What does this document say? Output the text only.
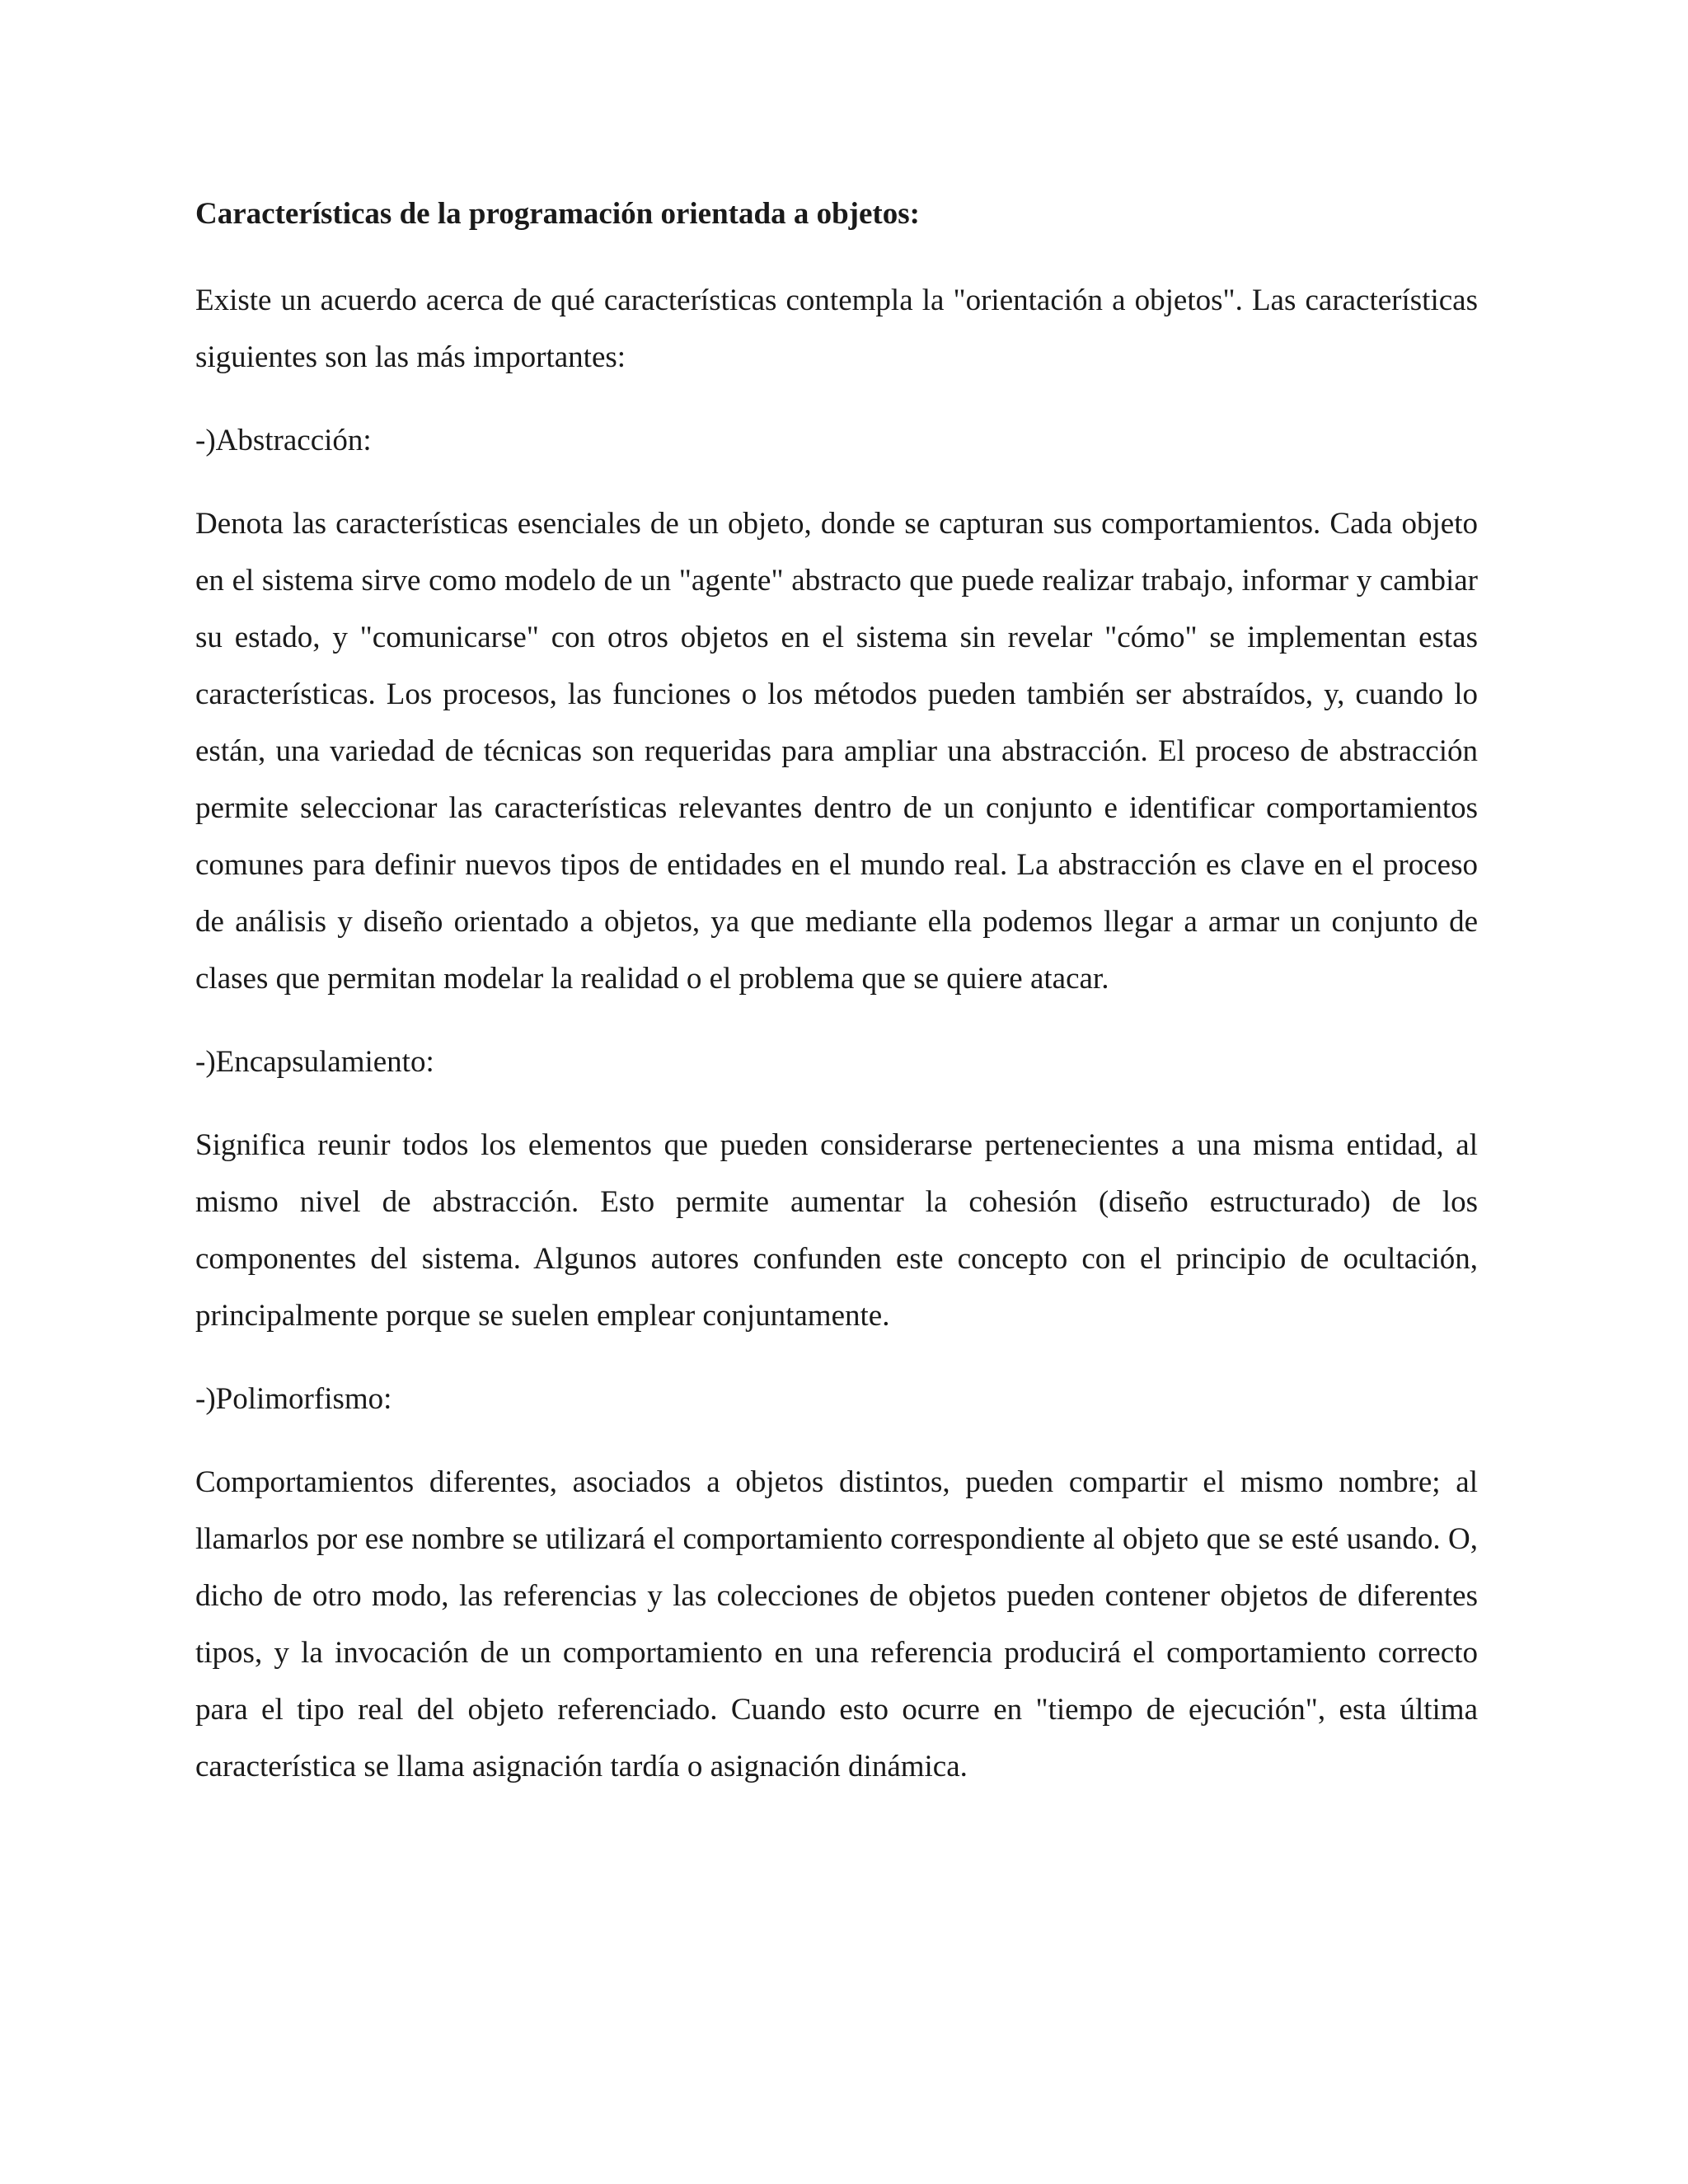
Características de la programación orientada a objetos:

Existe un acuerdo acerca de qué características contempla la "orientación a objetos". Las características siguientes son las más importantes:

-)Abstracción:

Denota las características esenciales de un objeto, donde se capturan sus comportamientos. Cada objeto en el sistema sirve como modelo de un "agente" abstracto que puede realizar trabajo, informar y cambiar su estado, y "comunicarse" con otros objetos en el sistema sin revelar "cómo" se implementan estas características. Los procesos, las funciones o los métodos pueden también ser abstraídos, y, cuando lo están, una variedad de técnicas son requeridas para ampliar una abstracción. El proceso de abstracción permite seleccionar las características relevantes dentro de un conjunto e identificar comportamientos comunes para definir nuevos tipos de entidades en el mundo real. La abstracción es clave en el proceso de análisis y diseño orientado a objetos, ya que mediante ella podemos llegar a armar un conjunto de clases que permitan modelar la realidad o el problema que se quiere atacar.

-)Encapsulamiento:

Significa reunir todos los elementos que pueden considerarse pertenecientes a una misma entidad, al mismo nivel de abstracción. Esto permite aumentar la cohesión (diseño estructurado) de los componentes del sistema. Algunos autores confunden este concepto con el principio de ocultación, principalmente porque se suelen emplear conjuntamente.

-)Polimorfismo:

Comportamientos diferentes, asociados a objetos distintos, pueden compartir el mismo nombre; al llamarlos por ese nombre se utilizará el comportamiento correspondiente al objeto que se esté usando. O, dicho de otro modo, las referencias y las colecciones de objetos pueden contener objetos de diferentes tipos, y la invocación de un comportamiento en una referencia producirá el comportamiento correcto para el tipo real del objeto referenciado. Cuando esto ocurre en "tiempo de ejecución", esta última característica se llama asignación tardía o asignación dinámica.
